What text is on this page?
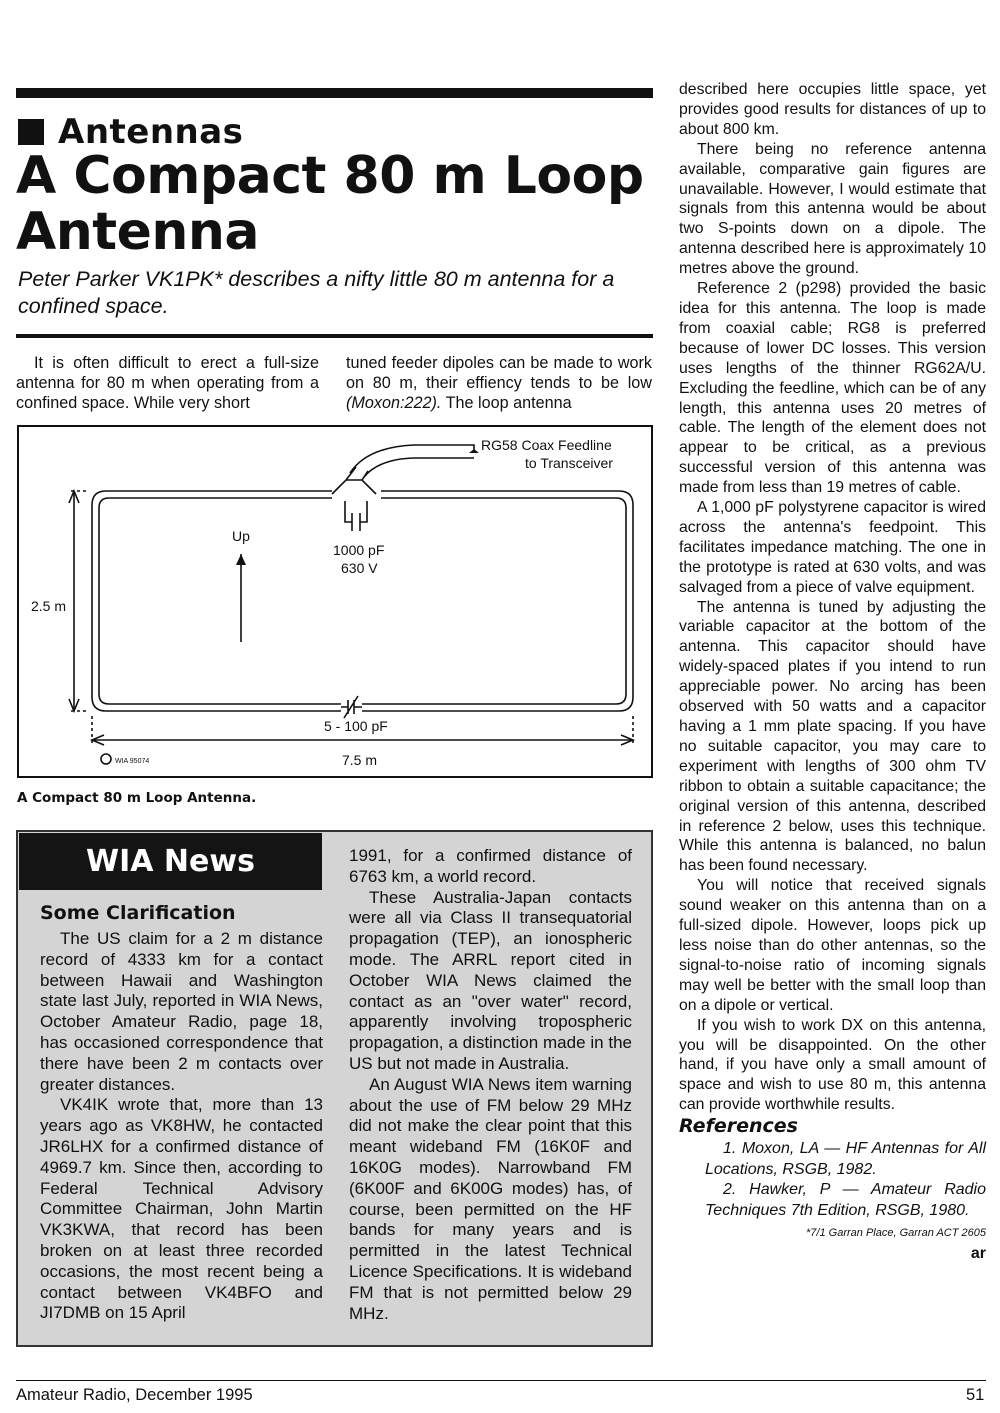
Antennas
A Compact 80 m Loop Antenna
Peter Parker VK1PK* describes a nifty little 80 m antenna for a confined space.

It is often difficult to erect a full-size antenna for 80 m when operating from a confined space. While very short

tuned feeder dipoles can be made to work on 80 m, their effiency tends to be low (Moxon:222). The loop antenna

RG58 Coax Feedline
to Transceiver
Up
1000 pF
630 V
2.5 m
5 - 100 pF
7.5 m
WIA 95074
A Compact 80 m Loop Antenna.
WIA News
Some Clarification

The US claim for a 2 m distance record of 4333 km for a contact between Hawaii and Washington state last July, reported in WIA News, October Amateur Radio, page 18, has occasioned correspondence that there have been 2 m contacts over greater distances.

VK4IK wrote that, more than 13 years ago as VK8HW, he contacted JR6LHX for a confirmed distance of 4969.7 km. Since then, according to Federal Technical Advisory Committee Chairman, John Martin VK3KWA, that record has been broken on at least three recorded occasions, the most recent being a contact between VK4BFO and JI7DMB on 15 April

1991, for a confirmed distance of 6763 km, a world record.

These Australia-Japan contacts were all via Class II transequatorial propagation (TEP), an ionospheric mode. The ARRL report cited in October WIA News claimed the contact as an "over water" record, apparently involving tropospheric propagation, a distinction made in the US but not made in Australia.

An August WIA News item warning about the use of FM below 29 MHz did not make the clear point that this meant wideband FM (16K0F and 16K0G modes). Narrowband FM (6K00F and 6K00G modes) has, of course, been permitted on the HF bands for many years and is permitted in the latest Technical Licence Specifications. It is wideband FM that is not permitted below 29 MHz.

described here occupies little space, yet provides good results for distances of up to about 800 km.

There being no reference antenna available, comparative gain figures are unavailable. However, I would estimate that signals from this antenna would be about two S-points down on a dipole. The antenna described here is approximately 10 metres above the ground.

Reference 2 (p298) provided the basic idea for this antenna. The loop is made from coaxial cable; RG8 is preferred because of lower DC losses. This version uses lengths of the thinner RG62A/U. Excluding the feedline, which can be of any length, this antenna uses 20 metres of cable. The length of the element does not appear to be critical, as a previous successful version of this antenna was made from less than 19 metres of cable.

A 1,000 pF polystyrene capacitor is wired across the antenna's feedpoint. This facilitates impedance matching. The one in the prototype is rated at 630 volts, and was salvaged from a piece of valve equipment.

The antenna is tuned by adjusting the variable capacitor at the bottom of the antenna. This capacitor should have widely-spaced plates if you intend to run appreciable power. No arcing has been observed with 50 watts and a capacitor having a 1 mm plate spacing. If you have no suitable capacitor, you may care to experiment with lengths of 300 ohm TV ribbon to obtain a suitable capacitance; the original version of this antenna, described in reference 2 below, uses this technique. While this antenna is balanced, no balun has been found necessary.

You will notice that received signals sound weaker on this antenna than on a full-sized dipole. However, loops pick up less noise than do other antennas, so the signal-to-noise ratio of incoming signals may well be better with the small loop than on a dipole or vertical.

If you wish to work DX on this antenna, you will be disappointed. On the other hand, if you have only a small amount of space and wish to use 80 m, this antenna can provide worthwhile results.

References

1. Moxon, LA — HF Antennas for All Locations, RSGB, 1982.

2. Hawker, P — Amateur Radio Techniques 7th Edition, RSGB, 1980.

*7/1 Garran Place, Garran ACT 2605
ar
Amateur Radio, December 1995	51
